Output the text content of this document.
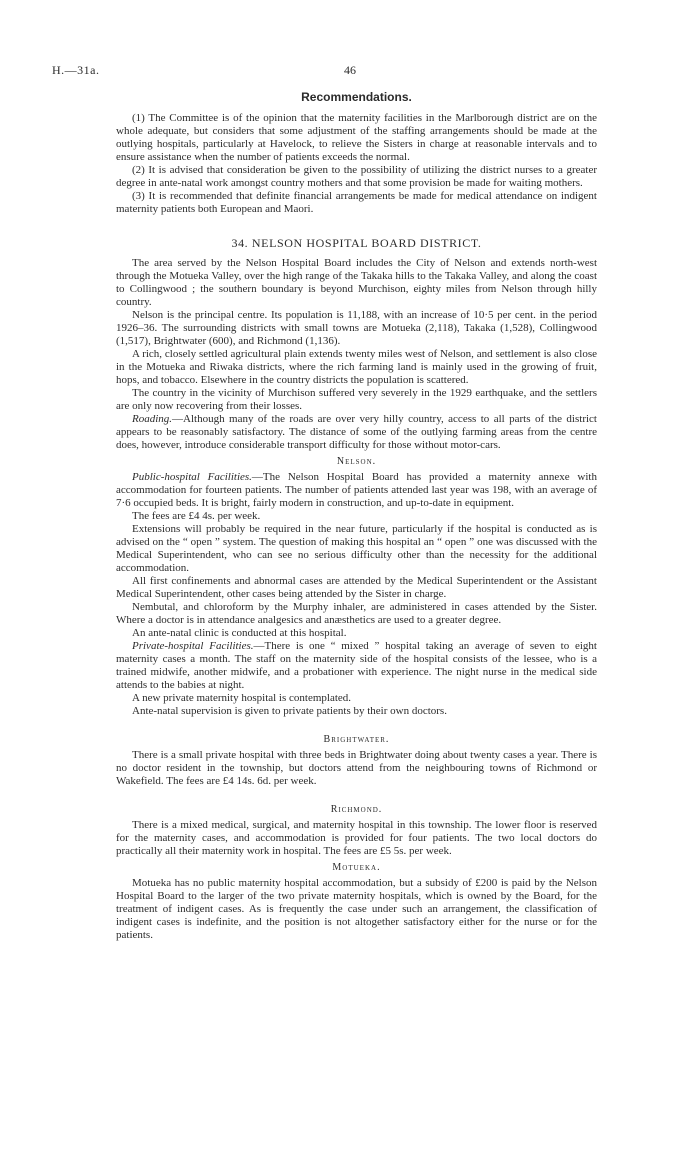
H.—31a.	46
Recommendations.

(1) The Committee is of the opinion that the maternity facilities in the Marlborough district are on the whole adequate, but considers that some adjustment of the staffing arrangements should be made at the outlying hospitals, particularly at Havelock, to relieve the Sisters in charge at reasonable intervals and to ensure assistance when the number of patients exceeds the normal.

(2) It is advised that consideration be given to the possibility of utilizing the district nurses to a greater degree in ante-natal work amongst country mothers and that some provision be made for waiting mothers.

(3) It is recommended that definite financial arrangements be made for medical attendance on indigent maternity patients both European and Maori.

34. NELSON HOSPITAL BOARD DISTRICT.

The area served by the Nelson Hospital Board includes the City of Nelson and extends north-west through the Motueka Valley, over the high range of the Takaka hills to the Takaka Valley, and along the coast to Collingwood ; the southern boundary is beyond Murchison, eighty miles from Nelson through hilly country.

Nelson is the principal centre. Its population is 11,188, with an increase of 10·5 per cent. in the period 1926–36. The surrounding districts with small towns are Motueka (2,118), Takaka (1,528), Collingwood (1,517), Brightwater (600), and Richmond (1,136).

A rich, closely settled agricultural plain extends twenty miles west of Nelson, and settlement is also close in the Motueka and Riwaka districts, where the rich farming land is mainly used in the growing of fruit, hops, and tobacco. Elsewhere in the country districts the population is scattered.

The country in the vicinity of Murchison suffered very severely in the 1929 earthquake, and the settlers are only now recovering from their losses.

Roading.—Although many of the roads are over very hilly country, access to all parts of the district appears to be reasonably satisfactory. The distance of some of the outlying farming areas from the centre does, however, introduce considerable transport difficulty for those without motor-cars.

Nelson.

Public-hospital Facilities.—The Nelson Hospital Board has provided a maternity annexe with accommodation for fourteen patients. The number of patients attended last year was 198, with an average of 7·6 occupied beds. It is bright, fairly modern in construction, and up-to-date in equipment.

The fees are £4 4s. per week.

Extensions will probably be required in the near future, particularly if the hospital is conducted as is advised on the “ open ” system. The question of making this hospital an “ open ” one was discussed with the Medical Superintendent, who can see no serious difficulty other than the necessity for the additional accommodation.

All first confinements and abnormal cases are attended by the Medical Superintendent or the Assistant Medical Superintendent, other cases being attended by the Sister in charge.

Nembutal, and chloroform by the Murphy inhaler, are administered in cases attended by the Sister. Where a doctor is in attendance analgesics and anæsthetics are used to a greater degree.

An ante-natal clinic is conducted at this hospital.

Private-hospital Facilities.—There is one “ mixed ” hospital taking an average of seven to eight maternity cases a month. The staff on the maternity side of the hospital consists of the lessee, who is a trained midwife, another midwife, and a probationer with experience. The night nurse in the medical side attends to the babies at night.

A new private maternity hospital is contemplated.

Ante-natal supervision is given to private patients by their own doctors.

Brightwater.

There is a small private hospital with three beds in Brightwater doing about twenty cases a year. There is no doctor resident in the township, but doctors attend from the neighbouring towns of Richmond or Wakefield. The fees are £4 14s. 6d. per week.

Richmond.

There is a mixed medical, surgical, and maternity hospital in this township. The lower floor is reserved for the maternity cases, and accommodation is provided for four patients. The two local doctors do practically all their maternity work in hospital. The fees are £5 5s. per week.

Motueka.

Motueka has no public maternity hospital accommodation, but a subsidy of £200 is paid by the Nelson Hospital Board to the larger of the two private maternity hospitals, which is owned by the Board, for the treatment of indigent cases. As is frequently the case under such an arrangement, the classification of indigent cases is indefinite, and the position is not altogether satisfactory either for the nurse or for the patients.
